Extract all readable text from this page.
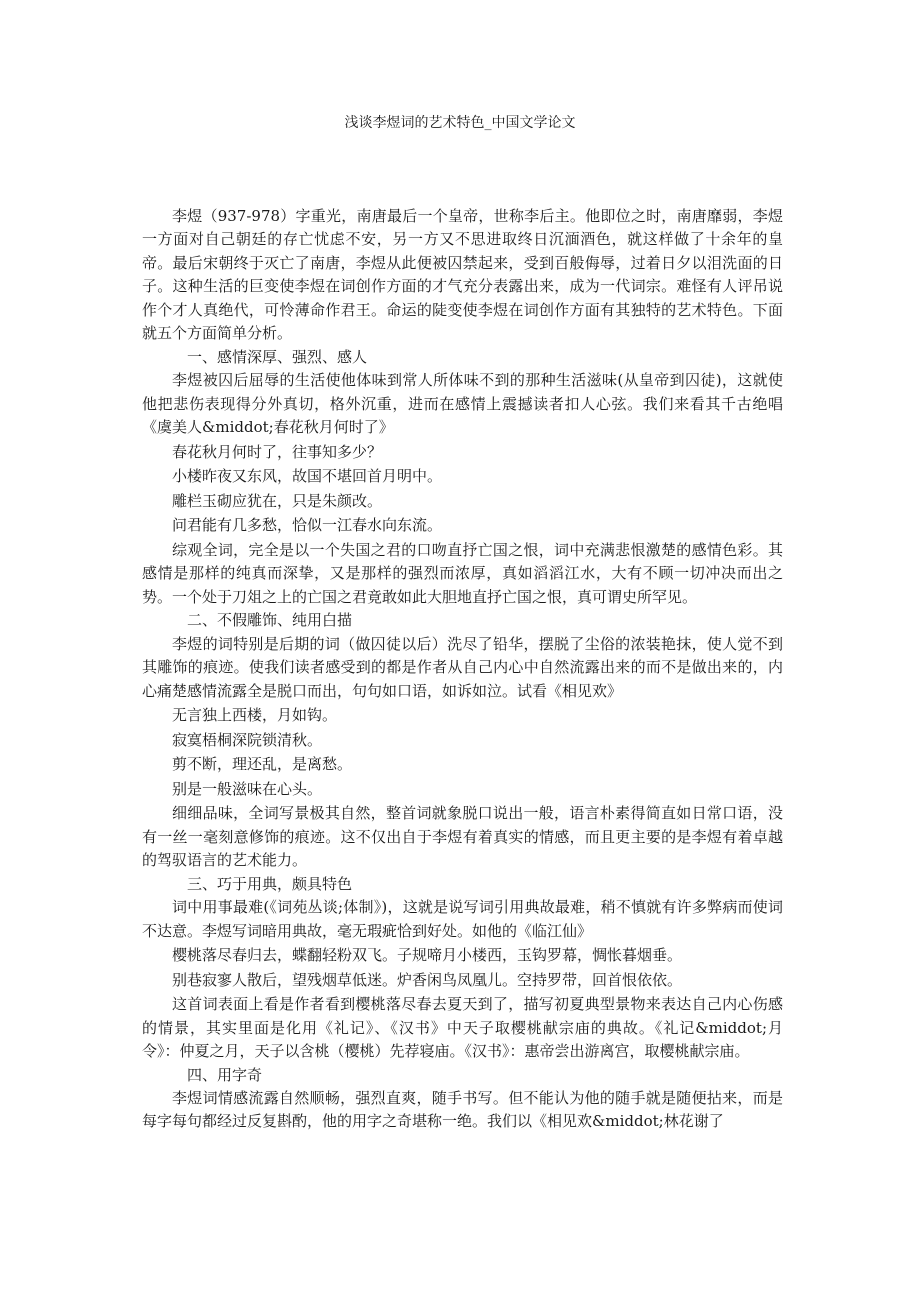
浅谈李煜词的艺术特色_中国文学论文

李煜（937-978）字重光，南唐最后一个皇帝，世称李后主。他即位之时，南唐靡弱，李煜一方面对自己朝廷的存亡忧虑不安，另一方又不思进取终日沉湎酒色，就这样做了十余年的皇帝。最后宋朝终于灭亡了南唐，李煜从此便被囚禁起来，受到百般侮辱，过着日夕以泪洗面的日子。这种生活的巨变使李煜在词创作方面的才气充分表露出来，成为一代词宗。难怪有人评吊说作个才人真绝代，可怜薄命作君王。命运的陡变使李煜在词创作方面有其独特的艺术特色。下面就五个方面简单分析。

一、感情深厚、强烈、感人

李煜被囚后屈辱的生活使他体味到常人所体味不到的那种生活滋味(从皇帝到囚徒)，这就使他把悲伤表现得分外真切，格外沉重，进而在感情上震撼读者扣人心弦。我们来看其千古绝唱《虞美人&middot;春花秋月何时了》

春花秋月何时了，往事知多少？

小楼昨夜又东风，故国不堪回首月明中。

雕栏玉砌应犹在，只是朱颜改。

问君能有几多愁，恰似一江春水向东流。

综观全词，完全是以一个失国之君的口吻直抒亡国之恨，词中充满悲恨激楚的感情色彩。其感情是那样的纯真而深挚，又是那样的强烈而浓厚，真如滔滔江水，大有不顾一切冲决而出之势。一个处于刀俎之上的亡国之君竟敢如此大胆地直抒亡国之恨，真可谓史所罕见。

二、不假雕饰、纯用白描

李煜的词特别是后期的词（做囚徒以后）洗尽了铅华，摆脱了尘俗的浓装艳抹，使人觉不到其雕饰的痕迹。使我们读者感受到的都是作者从自己内心中自然流露出来的而不是做出来的，内心痛楚感情流露全是脱口而出，句句如口语，如诉如泣。试看《相见欢》

无言独上西楼，月如钩。

寂寞梧桐深院锁清秋。

剪不断，理还乱，是离愁。

别是一般滋味在心头。

细细品味，全词写景极其自然，整首词就象脱口说出一般，语言朴素得简直如日常口语，没有一丝一毫刻意修饰的痕迹。这不仅出自于李煜有着真实的情感，而且更主要的是李煜有着卓越的驾驭语言的艺术能力。

三、巧于用典，颇具特色

词中用事最难(《词苑丛谈;体制》)，这就是说写词引用典故最难，稍不慎就有许多弊病而使词不达意。李煜写词暗用典故，毫无瑕疵恰到好处。如他的《临江仙》

樱桃落尽春归去，蝶翻轻粉双飞。子规啼月小楼西，玉钩罗幕，惆怅暮烟垂。

别巷寂寥人散后，望残烟草低迷。炉香闲鸟凤凰儿。空持罗带，回首恨依依。

这首词表面上看是作者看到樱桃落尽春去夏天到了，描写初夏典型景物来表达自己内心伤感的情景，其实里面是化用《礼记》、《汉书》中天子取樱桃献宗庙的典故。《礼记&middot;月令》：仲夏之月，天子以含桃（樱桃）先荐寝庙。《汉书》：惠帝尝出游离宫，取樱桃献宗庙。

四、用字奇

李煜词情感流露自然顺畅，强烈直爽，随手书写。但不能认为他的随手就是随便拈来，而是每字每句都经过反复斟酌，他的用字之奇堪称一绝。我们以《相见欢&middot;林花谢了
